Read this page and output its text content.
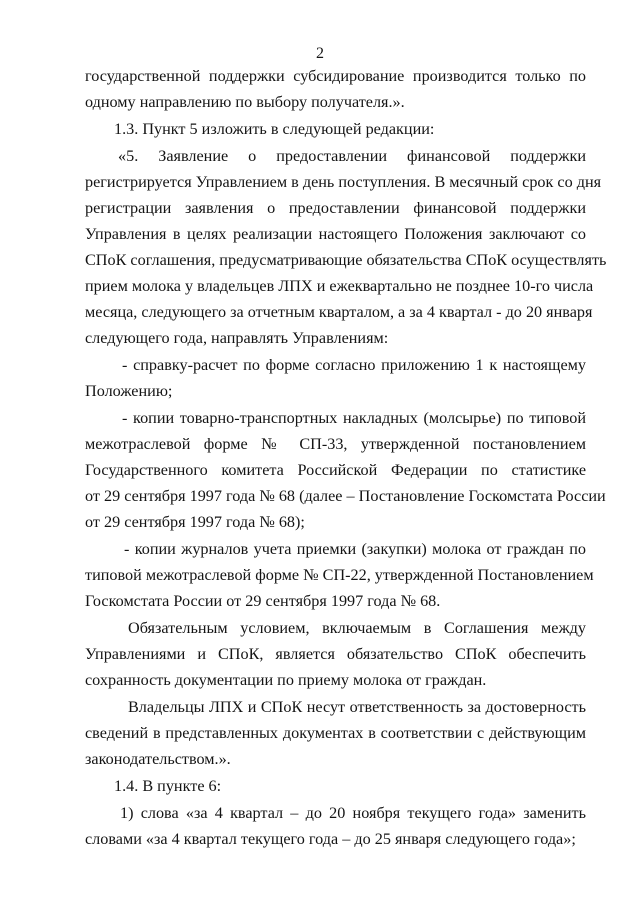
2
государственной поддержки субсидирование производится только по
одному направлению по выбору получателя.».
1.3. Пункт 5 изложить в следующей редакции:
«5. Заявление о предоставлении финансовой поддержки
регистрируется Управлением в день поступления. В месячный срок со дня
регистрации заявления о предоставлении финансовой поддержки
Управления в целях реализации настоящего Положения заключают со
СПоК соглашения, предусматривающие обязательства СПоК осуществлять
прием молока у владельцев ЛПХ и ежеквартально не позднее 10-го числа
месяца, следующего за отчетным кварталом, а за 4 квартал - до 20 января
следующего года, направлять Управлениям:
- справку-расчет по форме согласно приложению 1 к настоящему
Положению;
- копии товарно-транспортных накладных (молсырье) по типовой
межотраслевой форме № СП-33, утвержденной постановлением
Государственного комитета Российской Федерации по статистике
от 29 сентября 1997 года № 68 (далее – Постановление Госкомстата России
от 29 сентября 1997 года № 68);
- копии журналов учета приемки (закупки) молока от граждан по
типовой межотраслевой форме № СП-22, утвержденной Постановлением
Госкомстата России от 29 сентября 1997 года № 68.
Обязательным условием, включаемым в Соглашения между
Управлениями и СПоК, является обязательство СПоК обеспечить
сохранность документации по приему молока от граждан.
Владельцы ЛПХ и СПоК несут ответственность за достоверность
сведений в представленных документах в соответствии с действующим
законодательством.».
1.4. В пункте 6:
1) слова «за 4 квартал – до 20 ноября текущего года» заменить
словами «за 4 квартал текущего года – до 25 января следующего года»;
